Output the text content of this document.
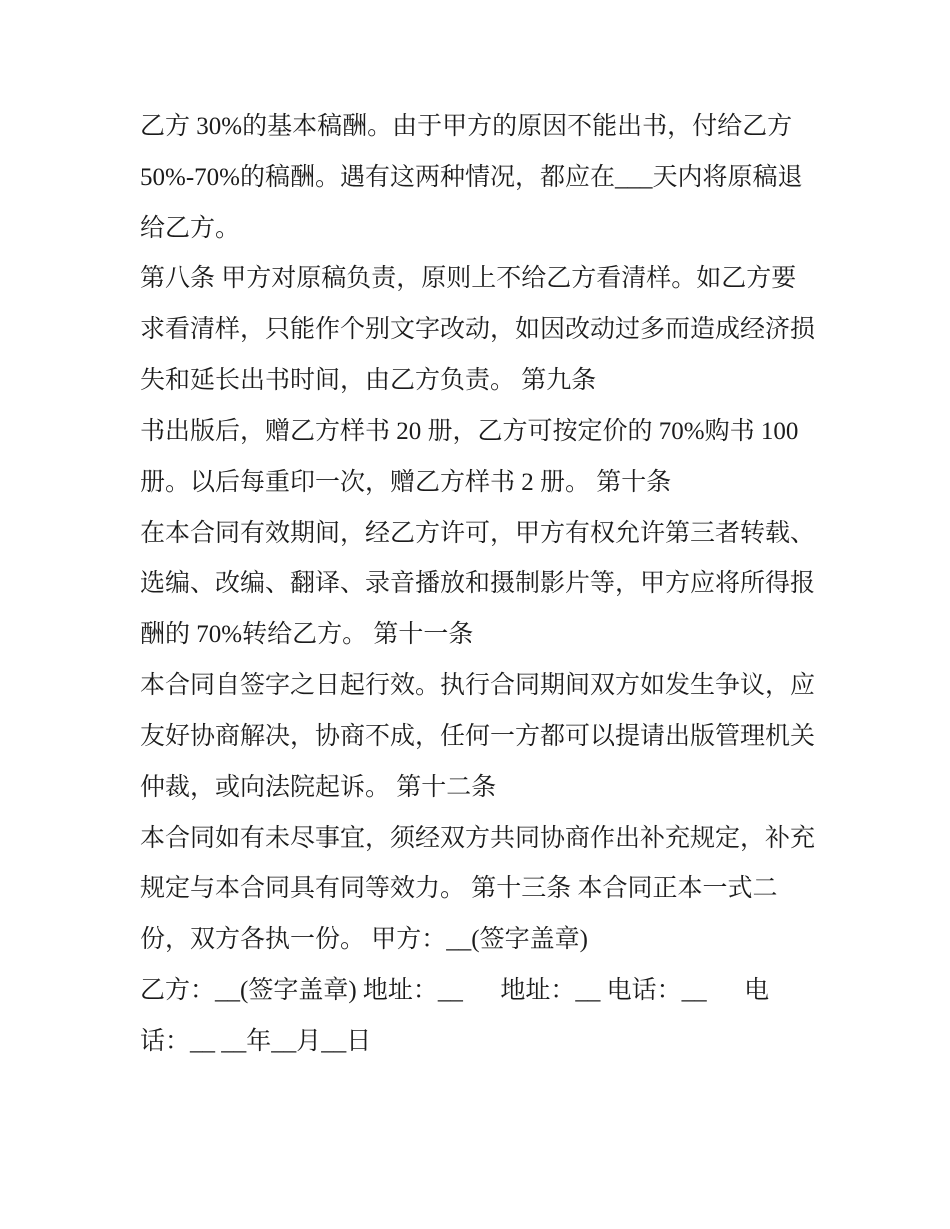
乙方 30%的基本稿酬。由于甲方的原因不能出书，付给乙方
50%-70%的稿酬。遇有这两种情况，都应在___天内将原稿退
给乙方。
第八条 甲方对原稿负责，原则上不给乙方看清样。如乙方要
求看清样，只能作个别文字改动，如因改动过多而造成经济损
失和延长出书时间，由乙方负责。 第九条
书出版后，赠乙方样书 20 册，乙方可按定价的 70%购书 100
册。以后每重印一次，赠乙方样书 2 册。 第十条
在本合同有效期间，经乙方许可，甲方有权允许第三者转载、
选编、改编、翻译、录音播放和摄制影片等，甲方应将所得报
酬的 70%转给乙方。 第十一条
本合同自签字之日起行效。执行合同期间双方如发生争议，应
友好协商解决，协商不成，任何一方都可以提请出版管理机关
仲裁，或向法院起诉。 第十二条
本合同如有未尽事宜，须经双方共同协商作出补充规定，补充
规定与本合同具有同等效力。 第十三条 本合同正本一式二
份，双方各执一份。 甲方：__(签字盖章)
乙方：__(签字盖章) 地址：__      地址：__ 电话：__      电
话：__ __年__月__日
